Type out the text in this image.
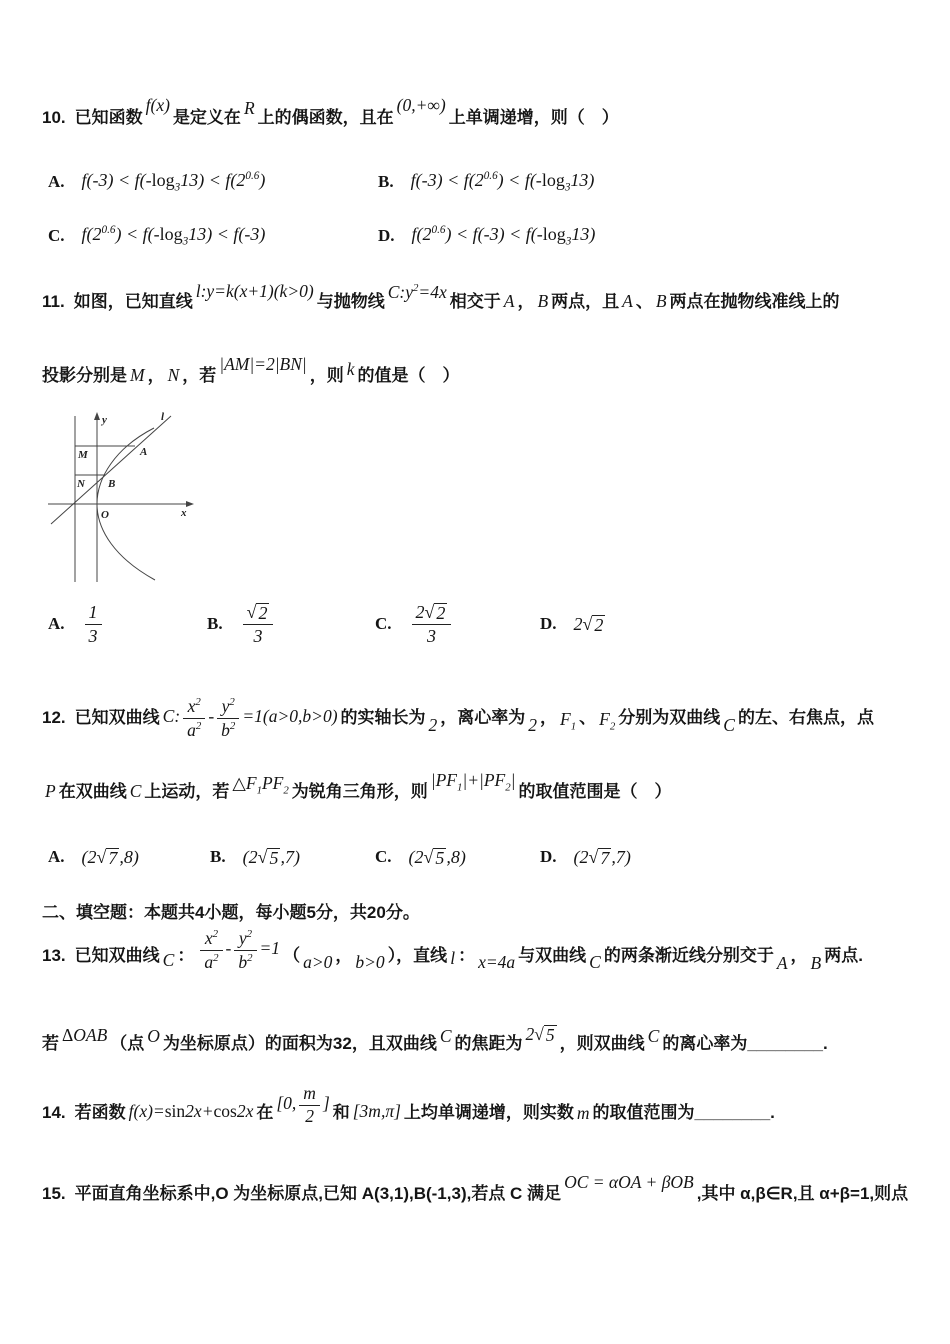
10. 已知函数f(x)是定义在 R 上的偶函数，且在(0,+∞)上单调递增，则（　）
A. $f(-3) < f(-\log_313) < f(2^{0.6})$	B. $f(-3) < f(2^{0.6}) < f(-\log_313)$
C. $f(2^{0.6}) < f(-\log_313) < f(-3)$	D. $f(2^{0.6}) < f(-3) < f(-\log_313)$
11. 如图，已知直线l:y=k(x+1)(k>0)与抛物线 $C:y^2=4x$ 相交于 A ， B 两点，且 A 、 B 两点在抛物线准线上的
投影分别是 M ， N ，若|AM|=2|BN|，则 k 的值是（　）
y
x
O
M
N
A
B
l
A. $\frac{1}{3}$	B. $\frac{√ 2}{3}$	C. $\frac{2 √ 2}{3}$	D. 2 √ 2
12. 已知双曲线 C: $\frac{x^2}{a^2} - \frac{y^2}{b^2} =1(a>0,b>0)$ 的实轴长为 2 ，离心率为 2 ， $F_1$ 、 $F_2$ 分别为双曲线 C 的左、右焦点，点
P 在双曲线 C 上运动，若 $\triangle F_1PF_2$ 为锐角三角形，则$|PF_1|+|PF_2|$的取值范围是（　）
A. (2 √ 7 ,8)	B. (2 √ 5 ,7)	C. (2 √ 5 ,8)	D. (2 √ 7 ,7)
二、填空题：本题共4小题，每小题5分，共20分。
13. 已知双曲线 C ： $\frac{x^2}{a^2} - \frac{y^2}{b^2} =1$ （ a>0 ， b>0 ），直线 l ： x=4a 与双曲线 C 的两条渐近线分别交于 A ， B 两点.
若 ΔOAB （点 O 为坐标原点）的面积为32，且双曲线 C 的焦距为 2 √ 5 ，则双曲线 C 的离心率为________.
14. 若函数 f(x)=sin2x+cos2x 在 [0, $\frac{m}{2}$ ] 和 [3m,π] 上均单调递增，则实数 m 的取值范围为________.
15. 平面直角坐标系中,O 为坐标原点,已知 A(3,1),B(-1,3),若点 C 满足OC = αOA + βOB,其中 α,β∈R,且 α+β=1,则点
